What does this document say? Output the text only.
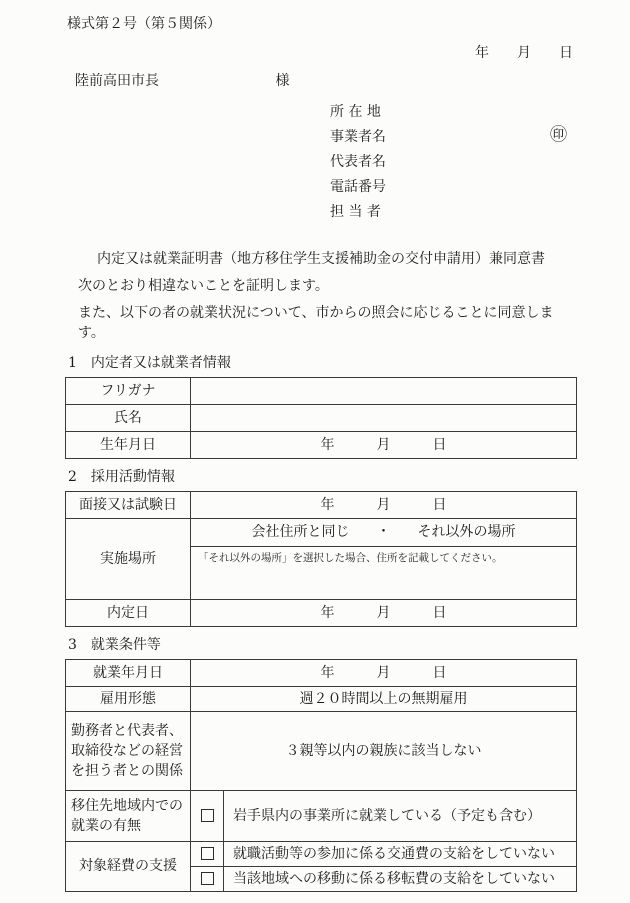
様式第２号（第５関係）
年　　月　　日
陸前高田市長	様
所 在 地
事業者名	㊞
代表者名
電話番号
担 当 者
内定又は就業証明書（地方移住学生支援補助金の交付申請用）兼同意書
次のとおり相違ないことを証明します。
また、以下の者の就業状況について、市からの照会に応じることに同意します。
1　内定者又は就業者情報
フリガナ	
氏名	
生年月日	年　　　月　　　日
2　採用活動情報
面接又は試験日	年　　　月　　　日
実施場所	会社住所と同じ ・ それ以外の場所

	「それ以外の場所」を選択した場合、住所を記載してください。

内定日	年　　　月　　　日
3　就業条件等
就業年月日	年　　　月　　　日	
雇用形態	週２０時間以上の無期雇用	

勤務者と代表者、
取締役などの経営
を担う者との関係	３親等以内の親族に該当しない	

移住先地域内での
就業の有無		岩手県内の事業所に就業している（予定も含む）
対象経費の支援		就職活動等の参加に係る交通費の支給をしていない
		当該地域への移動に係る移転費の支給をしていない
